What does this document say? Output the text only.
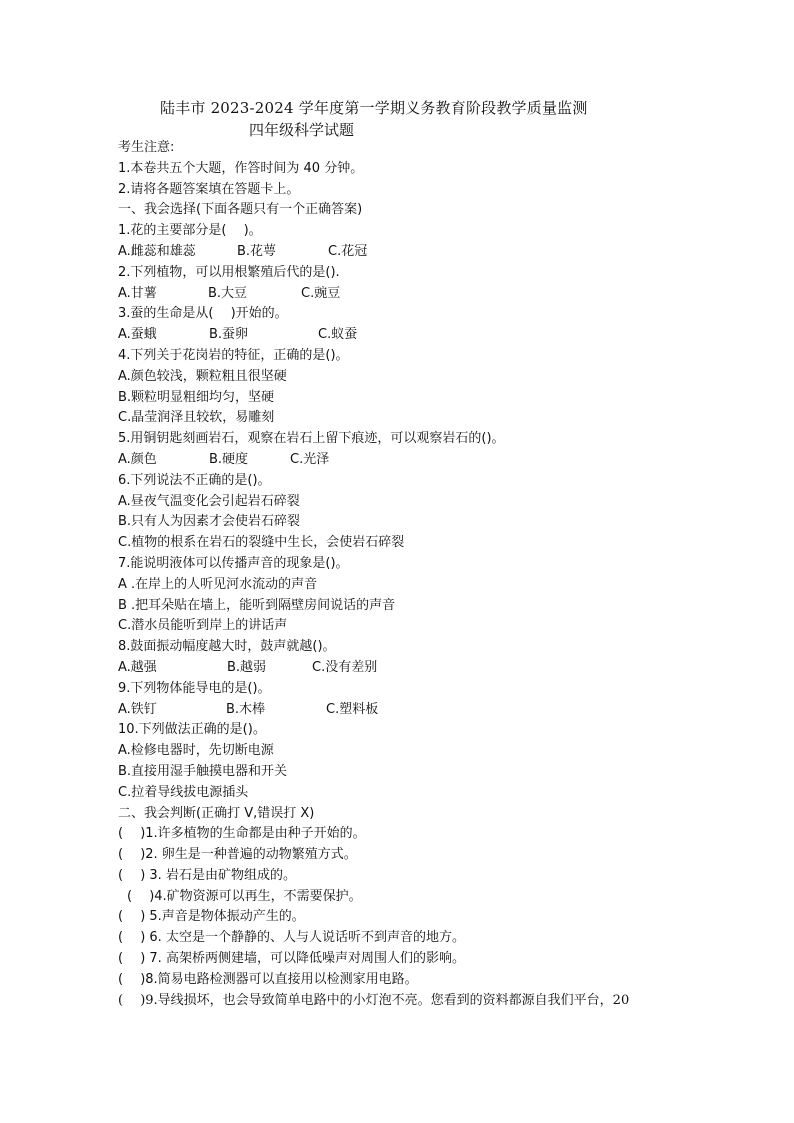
陆丰市 2023-2024 学年度第一学期义务教育阶段教学质量监测
四年级科学试题
考生注意:
1.本卷共五个大题，作答时间为 40 分钟。
2.请将各题答案填在答题卡上。
一、我会选择(下面各题只有一个正确答案)
1.花的主要部分是(　 )。
A.雌蕊和雄蕊	B.花萼	C.花冠
2.下列植物，可以用根繁殖后代的是().
A.甘薯	B.大豆	C.豌豆
3.蚕的生命是从(　 )开始的。
A.蚕蛾	B.蚕卵	C.蚁蚕
4.下列关于花岗岩的特征，正确的是()。
A.颜色较浅，颗粒粗且很坚硬
B.颗粒明显粗细均匀，坚硬
C.晶莹润泽且较软，易雕刻
5.用铜钥匙刻画岩石，观察在岩石上留下痕迹，可以观察岩石的()。
A.颜色	B.硬度	C.光泽
6.下列说法不正确的是()。
A.昼夜气温变化会引起岩石碎裂
B.只有人为因素才会使岩石碎裂
C.植物的根系在岩石的裂缝中生长，会使岩石碎裂
7.能说明液体可以传播声音的现象是()。
A .在岸上的人听见河水流动的声音
B .把耳朵贴在墙上，能听到隔壁房间说话的声音
C.潜水员能听到岸上的讲话声
8.鼓面振动幅度越大时，鼓声就越()。
A.越强	B.越弱	C.没有差别
9.下列物体能导电的是()。
A.铁钉	B.木棒	C.塑料板
10.下列做法正确的是()。
A.检修电器时，先切断电源
B.直接用湿手触摸电器和开关
C.拉着导线拔电源插头
二、我会判断(正确打 V,错误打 X)
(　 )1.许多植物的生命都是由种子开始的。
(　 )2. 卵生是一种普遍的动物繁殖方式。
(　 ) 3. 岩石是由矿物组成的。
(　 )4.矿物资源可以再生，不需要保护。
(　 ) 5.声音是物体振动产生的。
(　 ) 6. 太空是一个静静的、人与人说话听不到声音的地方。
(　 ) 7. 高架桥两侧建墙，可以降低噪声对周围人们的影响。
(　 )8.简易电路检测器可以直接用以检测家用电路。
(　 )9.导线损坏，也会导致简单电路中的小灯泡不亮。您看到的资料都源自我们平台，20
